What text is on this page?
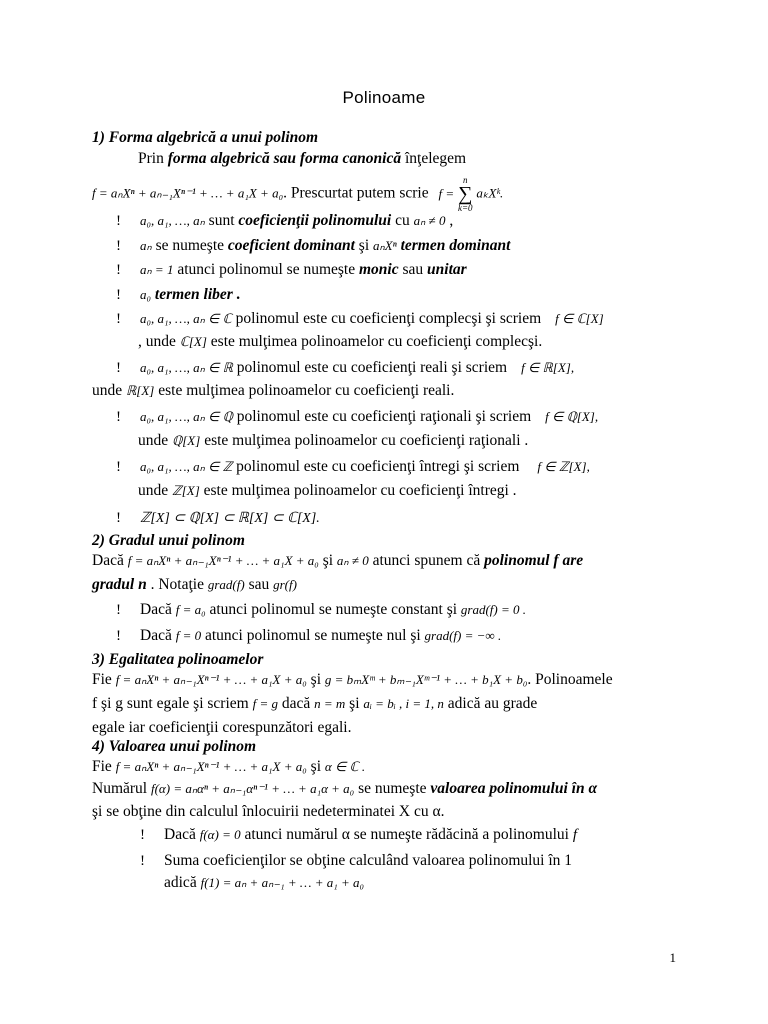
Polinoame
1) Forma algebrică a unui polinom
Prin forma algebrică sau forma canonică înţelegem
f = aₙXⁿ + aₙ₋₁Xⁿ⁻¹ + … + a₁X + a₀. Prescurtat putem scrie f =
n
∑
k=0
aₖXᵏ.
! a₀, a₁, …, aₙ sunt coeficienţii polinomului cu aₙ ≠ 0 ,
! aₙ se numeşte coeficient dominant şi aₙXⁿ termen dominant
! aₙ = 1 atunci polinomul se numeşte monic sau unitar
! a₀ termen liber .
! a₀, a₁, …, aₙ ∈ ℂ polinomul este cu coeficienţi complecşi şi scriem f ∈ ℂ[X]
, unde ℂ[X] este mulţimea polinoamelor cu coeficienţi complecşi.
! a₀, a₁, …, aₙ ∈ ℝ polinomul este cu coeficienţi reali şi scriem f ∈ ℝ[X],
unde ℝ[X] este mulţimea polinoamelor cu coeficienţi reali.
! a₀, a₁, …, aₙ ∈ ℚ polinomul este cu coeficienţi raţionali şi scriem f ∈ ℚ[X],
unde ℚ[X] este mulţimea polinoamelor cu coeficienţi raţionali .
! a₀, a₁, …, aₙ ∈ ℤ polinomul este cu coeficienţi întregi şi scriem f ∈ ℤ[X],
unde ℤ[X] este mulţimea polinoamelor cu coeficienţi întregi .
! ℤ[X] ⊂ ℚ[X] ⊂ ℝ[X] ⊂ ℂ[X].
2) Gradul unui polinom
Dacă f = aₙXⁿ + aₙ₋₁Xⁿ⁻¹ + … + a₁X + a₀ şi aₙ ≠ 0 atunci spunem că polinomul f are
gradul n . Notaţie grad(f) sau gr(f)
! Dacă f = a₀ atunci polinomul se numeşte constant şi grad(f) = 0 .
! Dacă f = 0 atunci polinomul se numeşte nul şi grad(f) = −∞ .
3) Egalitatea polinoamelor
Fie f = aₙXⁿ + aₙ₋₁Xⁿ⁻¹ + … + a₁X + a₀ şi g = bₘXᵐ + bₘ₋₁Xᵐ⁻¹ + … + b₁X + b₀. Polinoamele
f şi g sunt egale şi scriem f = g dacă n = m şi aᵢ = bᵢ , i = 1, n adică au grade
egale iar coeficienţii corespunzători egali.
4) Valoarea unui polinom
Fie f = aₙXⁿ + aₙ₋₁Xⁿ⁻¹ + … + a₁X + a₀ şi α ∈ ℂ .
Numărul f(α) = aₙαⁿ + aₙ₋₁αⁿ⁻¹ + … + a₁α + a₀ se numeşte valoarea polinomului în α
şi se obţine din calculul înlocuirii nedeterminatei X cu α.
! Dacă f(α) = 0 atunci numărul α se numeşte rădăcină a polinomului f
! Suma coeficienţilor se obţine calculând valoarea polinomului în 1
adică f(1) = aₙ + aₙ₋₁ + … + a₁ + a₀
1
